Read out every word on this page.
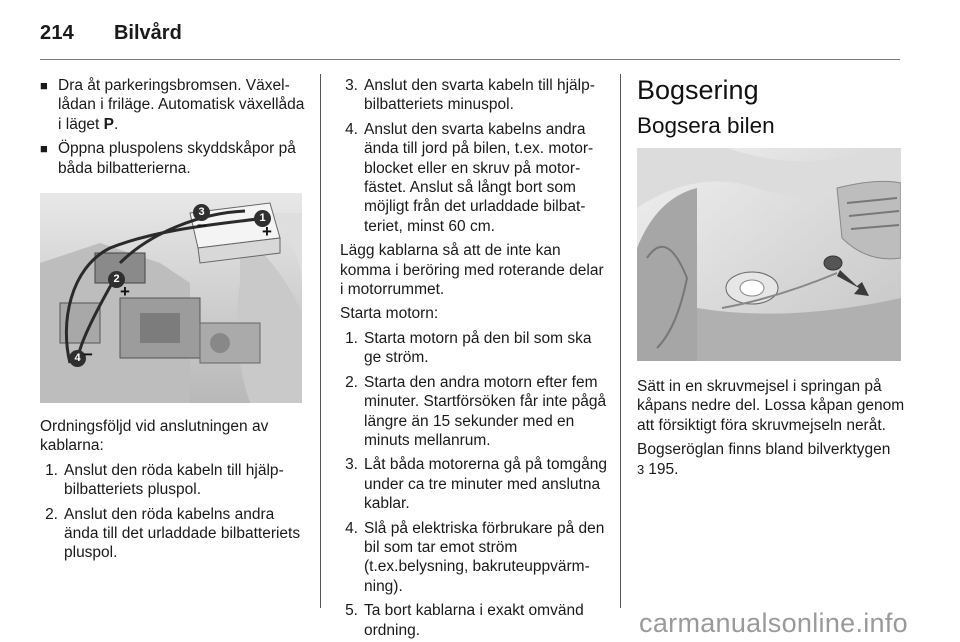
214 Bilvård
■ Dra åt parkeringsbromsen. Växellådan i friläge. Automatisk växellåda i läget P.
■ Öppna pluspolens skyddskåpor på båda bilbatterierna.
3	1
2
4
+
+
−
−
Ordningsföljd vid anslutningen av kablarna:
1. Anslut den röda kabeln till hjälpbilbatteriets pluspol.
2. Anslut den röda kabelns andra ända till det urladdade bilbatteriets pluspol.
3. Anslut den svarta kabeln till hjälpbilbatteriets minuspol.
4. Anslut den svarta kabelns andra ända till jord på bilen, t.ex. motorblocket eller en skruv på motorfästet. Anslut så långt bort som möjligt från det urladdade bilbatteriet, minst 60 cm.
Lägg kablarna så att de inte kan komma i beröring med roterande delar i motorrummet.
Starta motorn:
1. Starta motorn på den bil som ska ge ström.
2. Starta den andra motorn efter fem minuter. Startförsöken får inte pågå längre än 15 sekunder med en minuts mellanrum.
3. Låt båda motorerna gå på tomgång under ca tre minuter med anslutna kablar.
4. Slå på elektriska förbrukare på den bil som tar emot ström (t.ex.belysning, bakruteuppvärmning).
5. Ta bort kablarna i exakt omvänd ordning.
Bogsering
Bogsera bilen
Sätt in en skruvmejsel i springan på kåpans nedre del. Lossa kåpan genom att försiktigt föra skruvmejseln neråt.
Bogseröglan finns bland bilverktygen 3 195.
carmanualsonline.info
